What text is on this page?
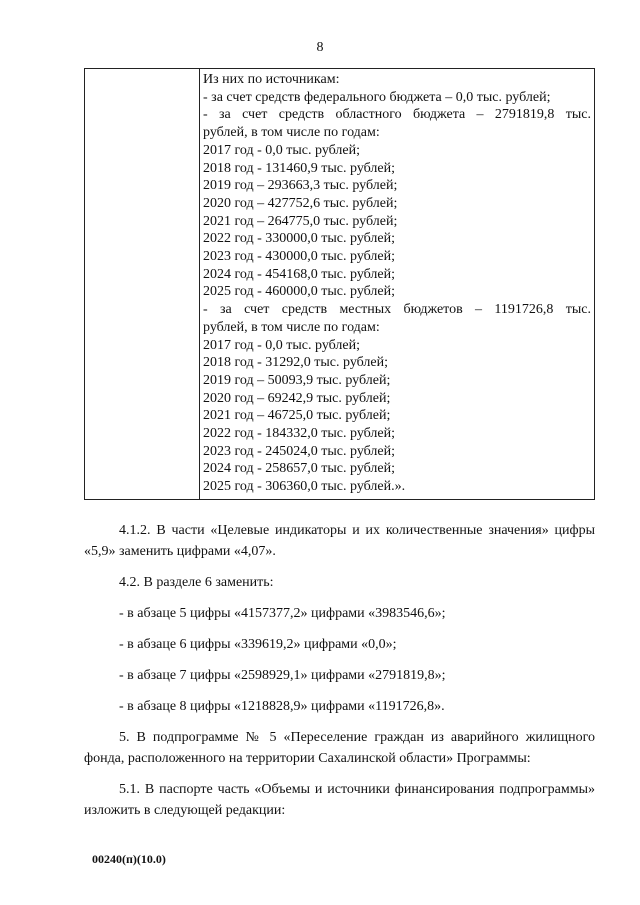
8

Из них по источникам:
- за счет средств федерального бюджета – 0,0 тыс. рублей;
- за счет средств областного бюджета – 2791819,8 тыс.
рублей, в том числе по годам:
2017 год - 0,0 тыс. рублей;
2018 год - 131460,9 тыс. рублей;
2019 год – 293663,3 тыс. рублей;
2020 год – 427752,6 тыс. рублей;
2021 год – 264775,0 тыс. рублей;
2022 год - 330000,0 тыс. рублей;
2023 год - 430000,0 тыс. рублей;
2024 год - 454168,0 тыс. рублей;
2025 год - 460000,0 тыс. рублей;
- за счет средств местных бюджетов – 1191726,8 тыс.
рублей, в том числе по годам:
2017 год - 0,0 тыс. рублей;
2018 год - 31292,0 тыс. рублей;
2019 год – 50093,9 тыс. рублей;
2020 год – 69242,9 тыс. рублей;
2021 год – 46725,0 тыс. рублей;
2022 год - 184332,0 тыс. рублей;
2023 год - 245024,0 тыс. рублей;
2024 год - 258657,0 тыс. рублей;
2025 год - 306360,0 тыс. рублей.».

4.1.2. В части «Целевые индикаторы и их количественные значения» цифры «5,9» заменить цифрами «4,07».

4.2. В разделе 6 заменить:

- в абзаце 5 цифры «4157377,2» цифрами «3983546,6»;

- в абзаце 6 цифры «339619,2» цифрами «0,0»;

- в абзаце 7 цифры «2598929,1» цифрами «2791819,8»;

- в абзаце 8 цифры «1218828,9» цифрами «1191726,8».

5. В подпрограмме № 5 «Переселение граждан из аварийного жилищного фонда, расположенного на территории Сахалинской области» Программы:

5.1. В паспорте часть «Объемы и источники финансирования подпрограммы» изложить в следующей редакции:

00240(п)(10.0)
